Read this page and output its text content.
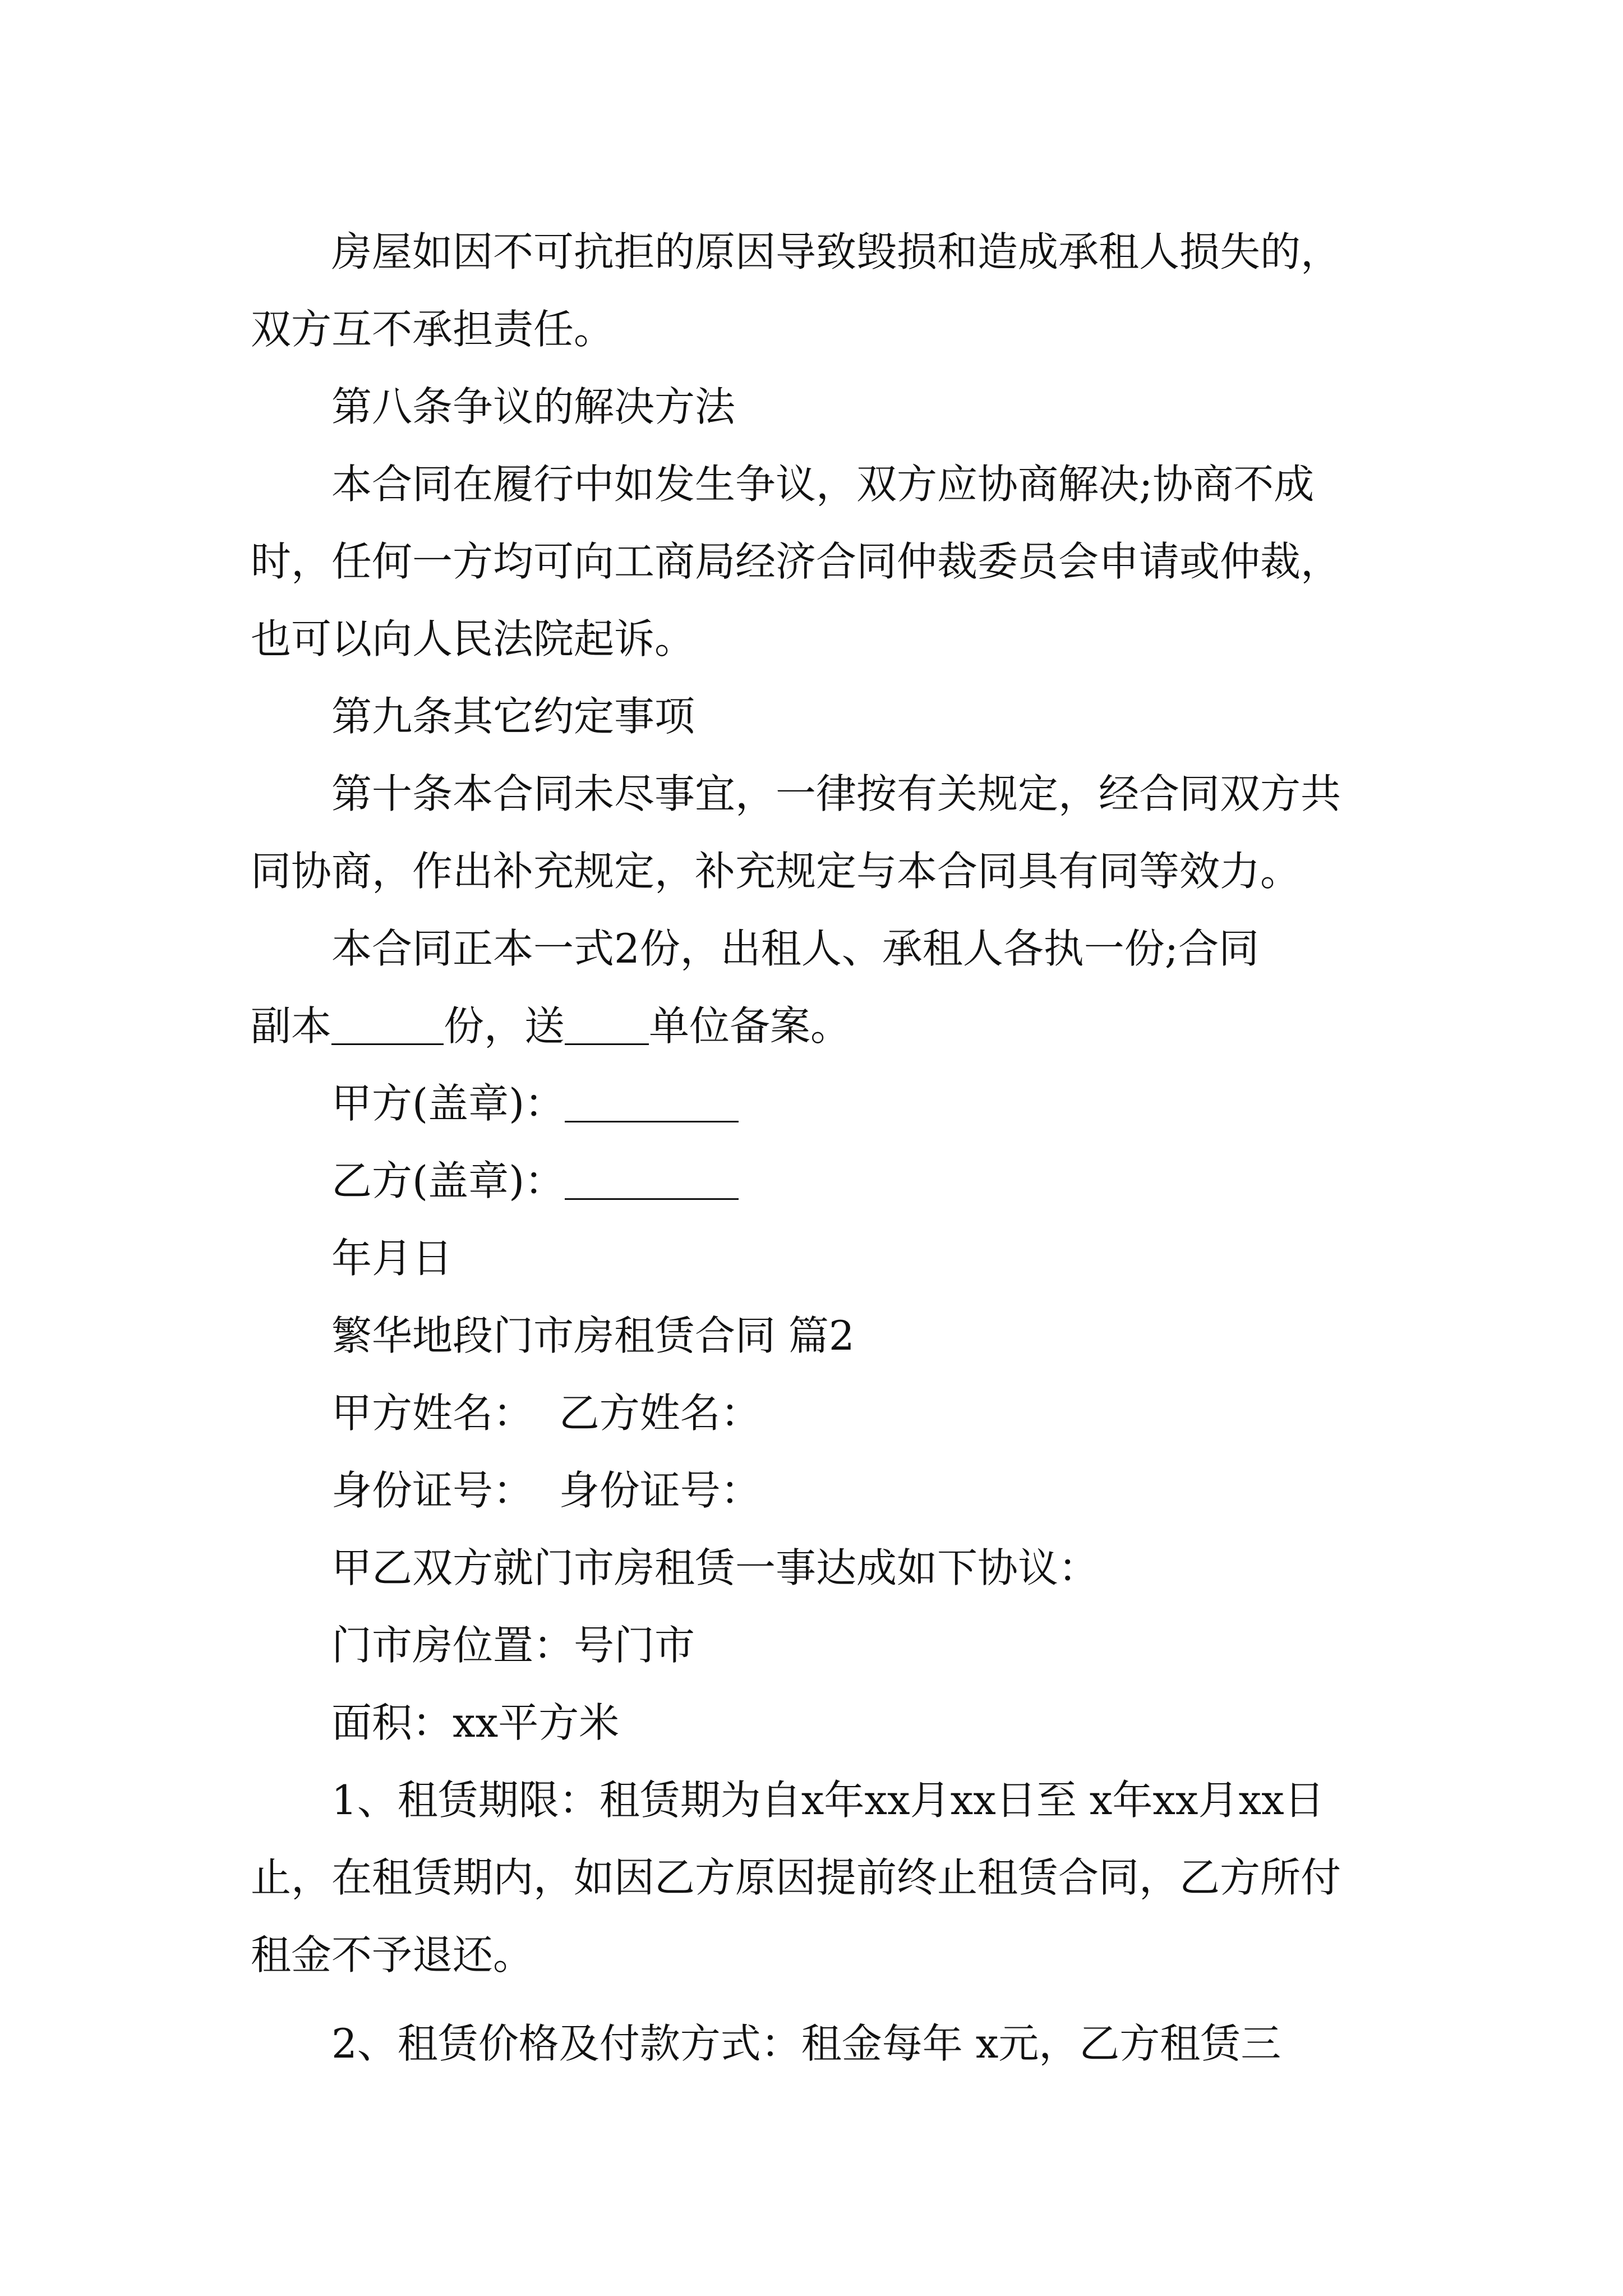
房屋如因不可抗拒的原因导致毁损和造成承租人损失的，双方互不承担责任。

第八条争议的解决方法

本合同在履行中如发生争议，双方应协商解决;协商不成时，任何一方均可向工商局经济合同仲裁委员会申请或仲裁，也可以向人民法院起诉。

第九条其它约定事项

第十条本合同未尽事宜，一律按有关规定，经合同双方共同协商，作出补充规定，补充规定与本合同具有同等效力。

本合同正本一式2份，出租人、承租人各执一份;合同

副本	份，送 单位备案。

甲方(盖章)：

乙方(盖章)：

年月日

繁华地段门市房租赁合同 篇2

甲方姓名：  乙方姓名：

身份证号：  身份证号：

甲乙双方就门市房租赁一事达成如下协议：

门市房位置：号门市

面积：xx平方米

1、租赁期限：租赁期为自x年xx月xx日至 x年xx月xx日止，在租赁期内，如因乙方原因提前终止租赁合同，乙方所付租金不予退还。

2、租赁价格及付款方式：租金每年 x元，乙方租赁三
